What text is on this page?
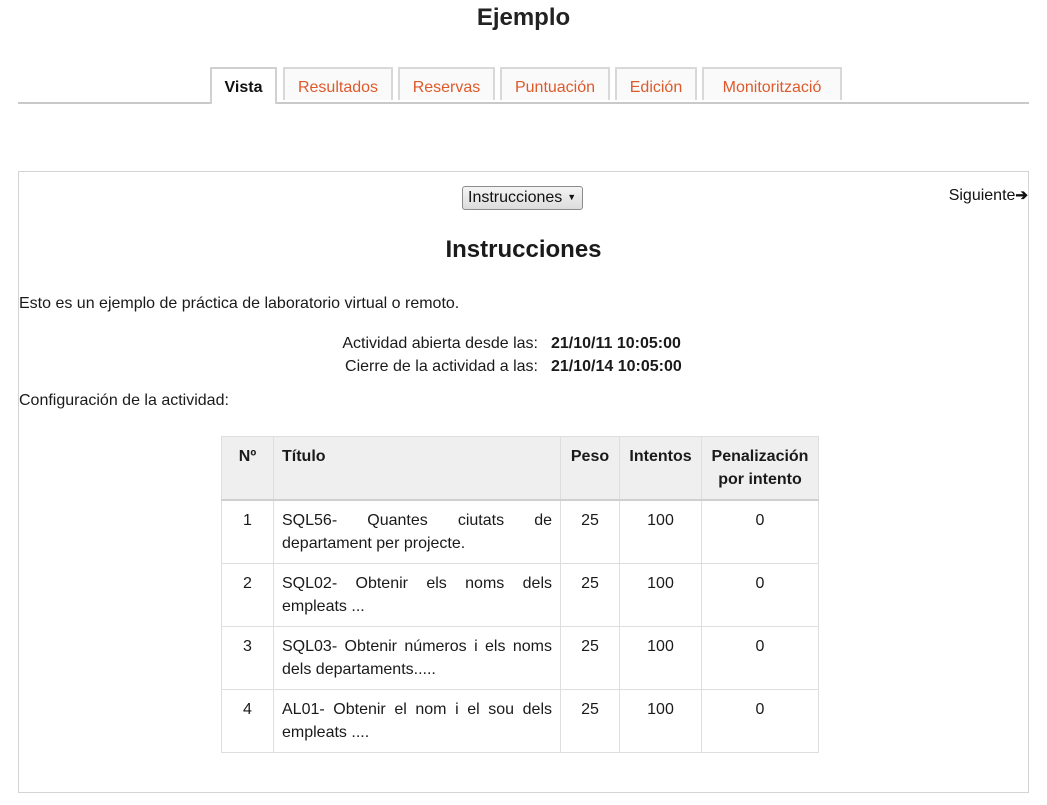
Ejemplo
Vista	Resultados	Reservas	Puntuación	Edición	Monitorització
Instrucciones ▼	Siguiente➔
Instrucciones
Esto es un ejemplo de práctica de laboratorio virtual o remoto.
Actividad abierta desde las: 21/10/11 10:05:00
Cierre de la actividad a las: 21/10/14 10:05:00
Configuración de la actividad:
Nº	Título	Peso	Intentos	Penalización por intento
1	SQL56- Quantes ciutats de departament per projecte.	25	100	0
2	SQL02- Obtenir els noms dels empleats ...	25	100	0
3	SQL03- Obtenir números i els noms dels departaments.....	25	100	0
4	AL01- Obtenir el nom i el sou dels empleats ....	25	100	0
